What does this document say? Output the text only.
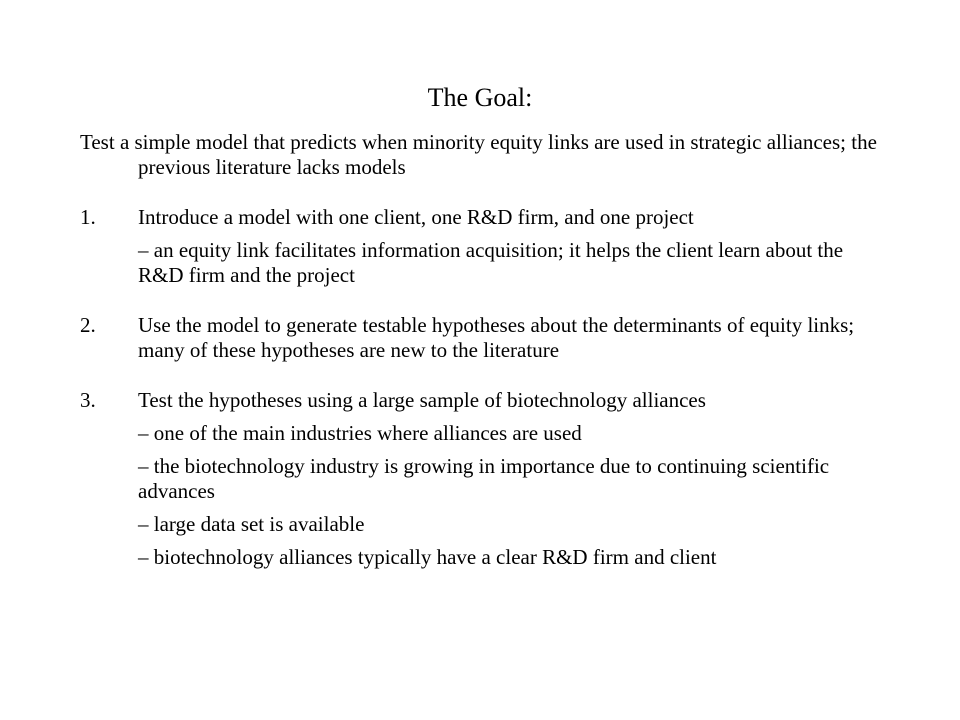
The Goal:

Test a simple model that predicts when minority equity links are used in strategic alliances; the previous literature lacks models

1. Introduce a model with one client, one R&D firm, and one project

– an equity link facilitates information acquisition; it helps the client learn about the R&D firm and the project

2. Use the model to generate testable hypotheses about the determinants of equity links; many of these hypotheses are new to the literature
3. Test the hypotheses using a large sample of biotechnology alliances

– one of the main industries where alliances are used

– the biotechnology industry is growing in importance due to continuing scientific advances

– large data set is available

– biotechnology alliances typically have a clear R&D firm and client
